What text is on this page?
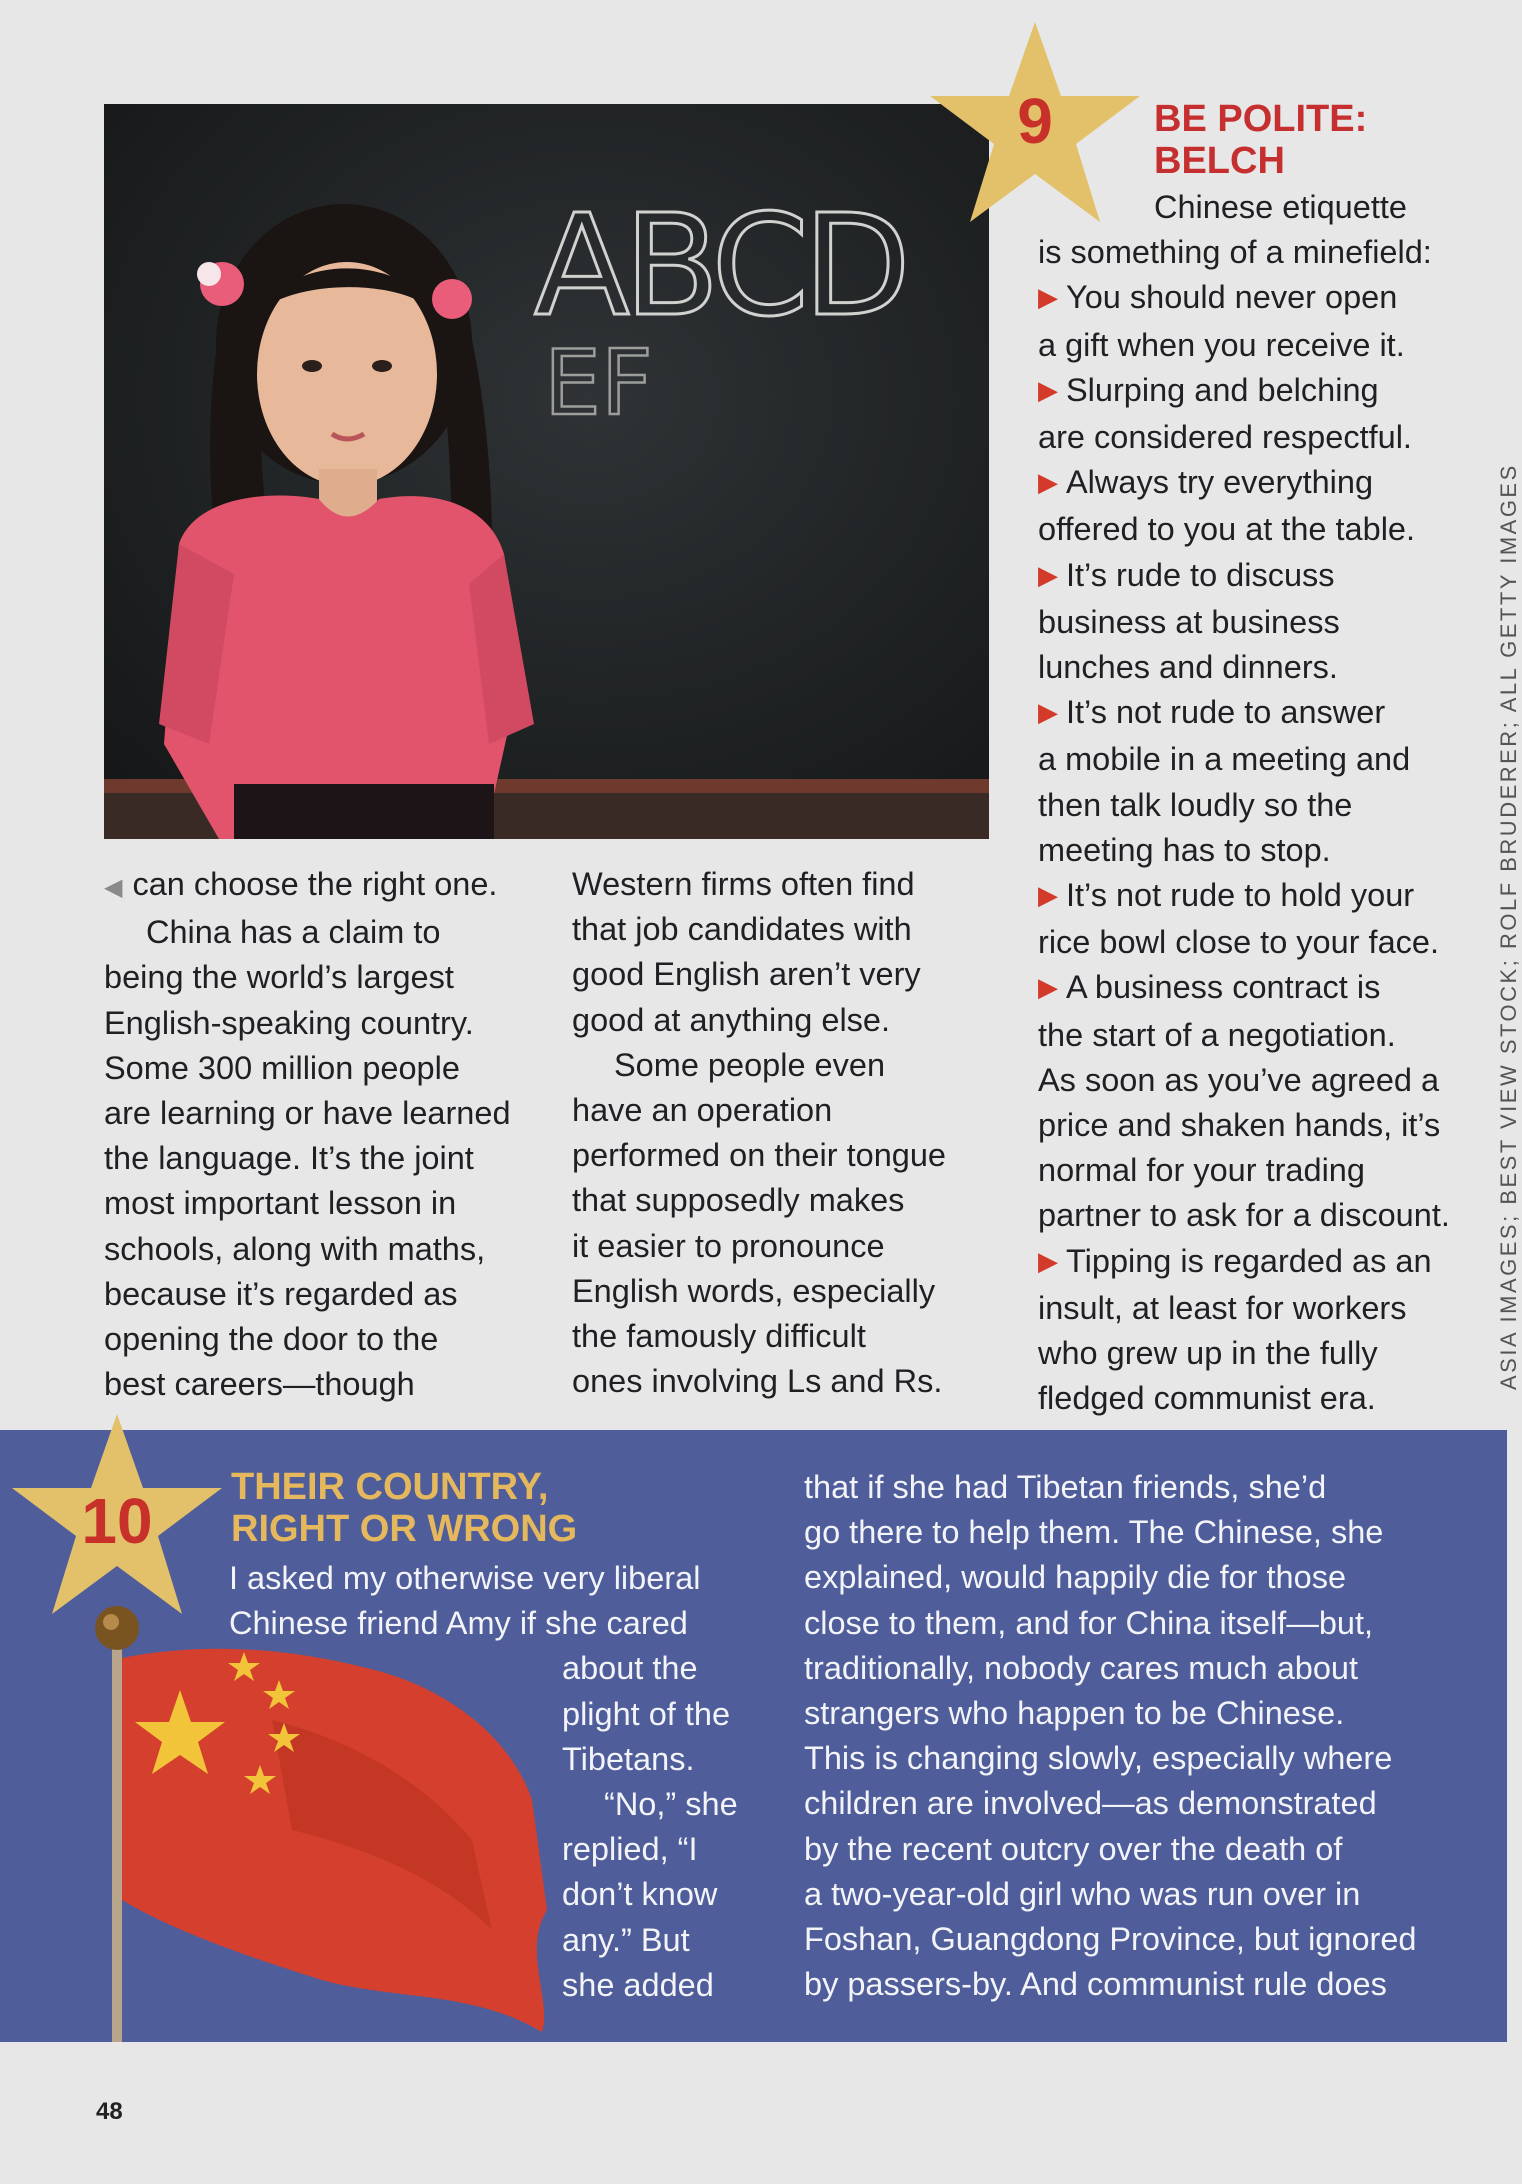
ABCD
EF
9	BE POLITE:
BELCH

Chinese etiquette

is something of a minefield:

▶ You should never open

a gift when you receive it.

▶ Slurping and belching

are considered respectful.

▶ Always try everything

offered to you at the table.

▶ It’s rude to discuss

business at business

lunches and dinners.

▶ It’s not rude to answer

a mobile in a meeting and

then talk loudly so the

meeting has to stop.

▶ It’s not rude to hold your

rice bowl close to your face.

▶ A business contract is

the start of a negotiation.

As soon as you’ve agreed a

price and shaken hands, it’s

normal for your trading

partner to ask for a discount.

▶ Tipping is regarded as an

insult, at least for workers

who grew up in the fully

fledged communist era.

◀ can choose the right one.

China has a claim to

being the world’s largest

English-speaking country.

Some 300 million people

are learning or have learned

the language. It’s the joint

most important lesson in

schools, along with maths,

because it’s regarded as

opening the door to the

best careers—though

Western firms often find

that job candidates with

good English aren’t very

good at anything else.

Some people even

have an operation

performed on their tongue

that supposedly makes

it easier to pronounce

English words, especially

the famously difficult

ones involving Ls and Rs.	ASIA IMAGES; BEST VIEW STOCK; ROLF BRUDERER; ALL GETTY IMAGES
10	THEIR COUNTRY,
RIGHT OR WRONG

I asked my otherwise very liberal

Chinese friend Amy if she cared

about the

plight of the

Tibetans.

“No,” she

replied, “I

don’t know

any.” But

she added

that if she had Tibetan friends, she’d

go there to help them. The Chinese, she

explained, would happily die for those

close to them, and for China itself—but,

traditionally, nobody cares much about

strangers who happen to be Chinese.

This is changing slowly, especially where

children are involved—as demonstrated

by the recent outcry over the death of

a two-year-old girl who was run over in

Foshan, Guangdong Province, but ignored

by passers-by. And communist rule does

48
